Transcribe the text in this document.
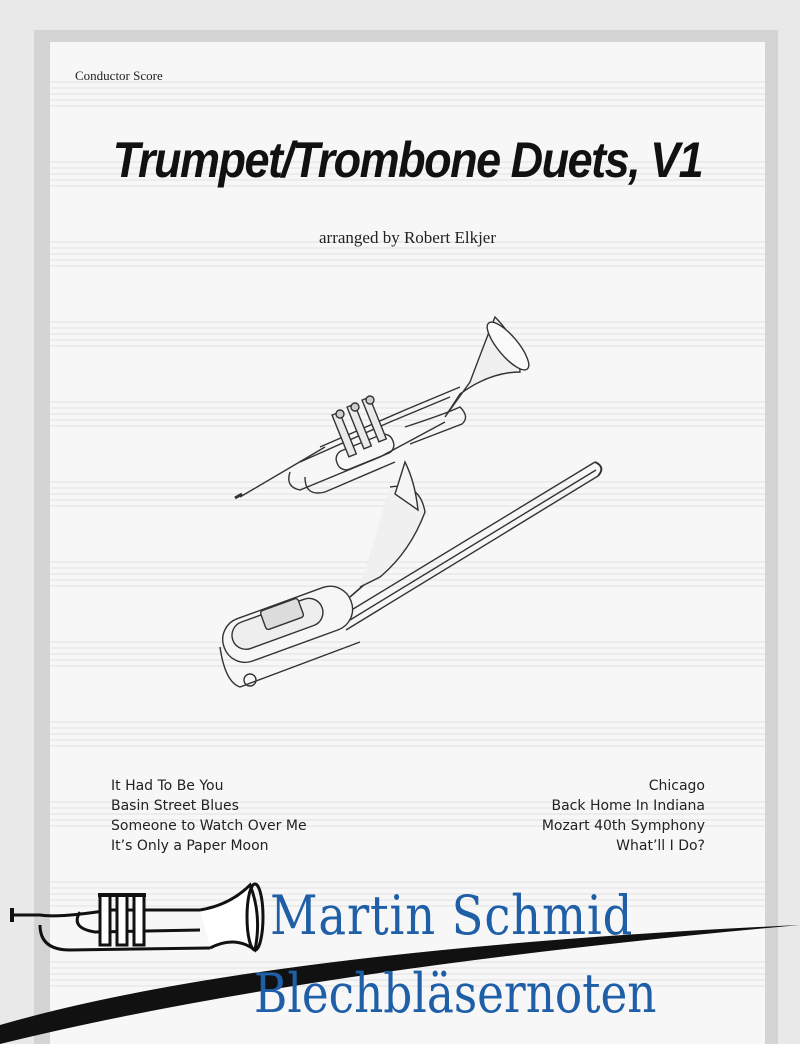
Conductor Score
Trumpet/Trombone Duets, V1
arranged by Robert Elkjer
It Had To Be You
Basin Street Blues
Someone to Watch Over Me
It’s Only a Paper Moon
Chicago
Back Home In Indiana
Mozart 40th Symphony
What’ll I Do?
Martin Schmid
Blechbläsernoten
